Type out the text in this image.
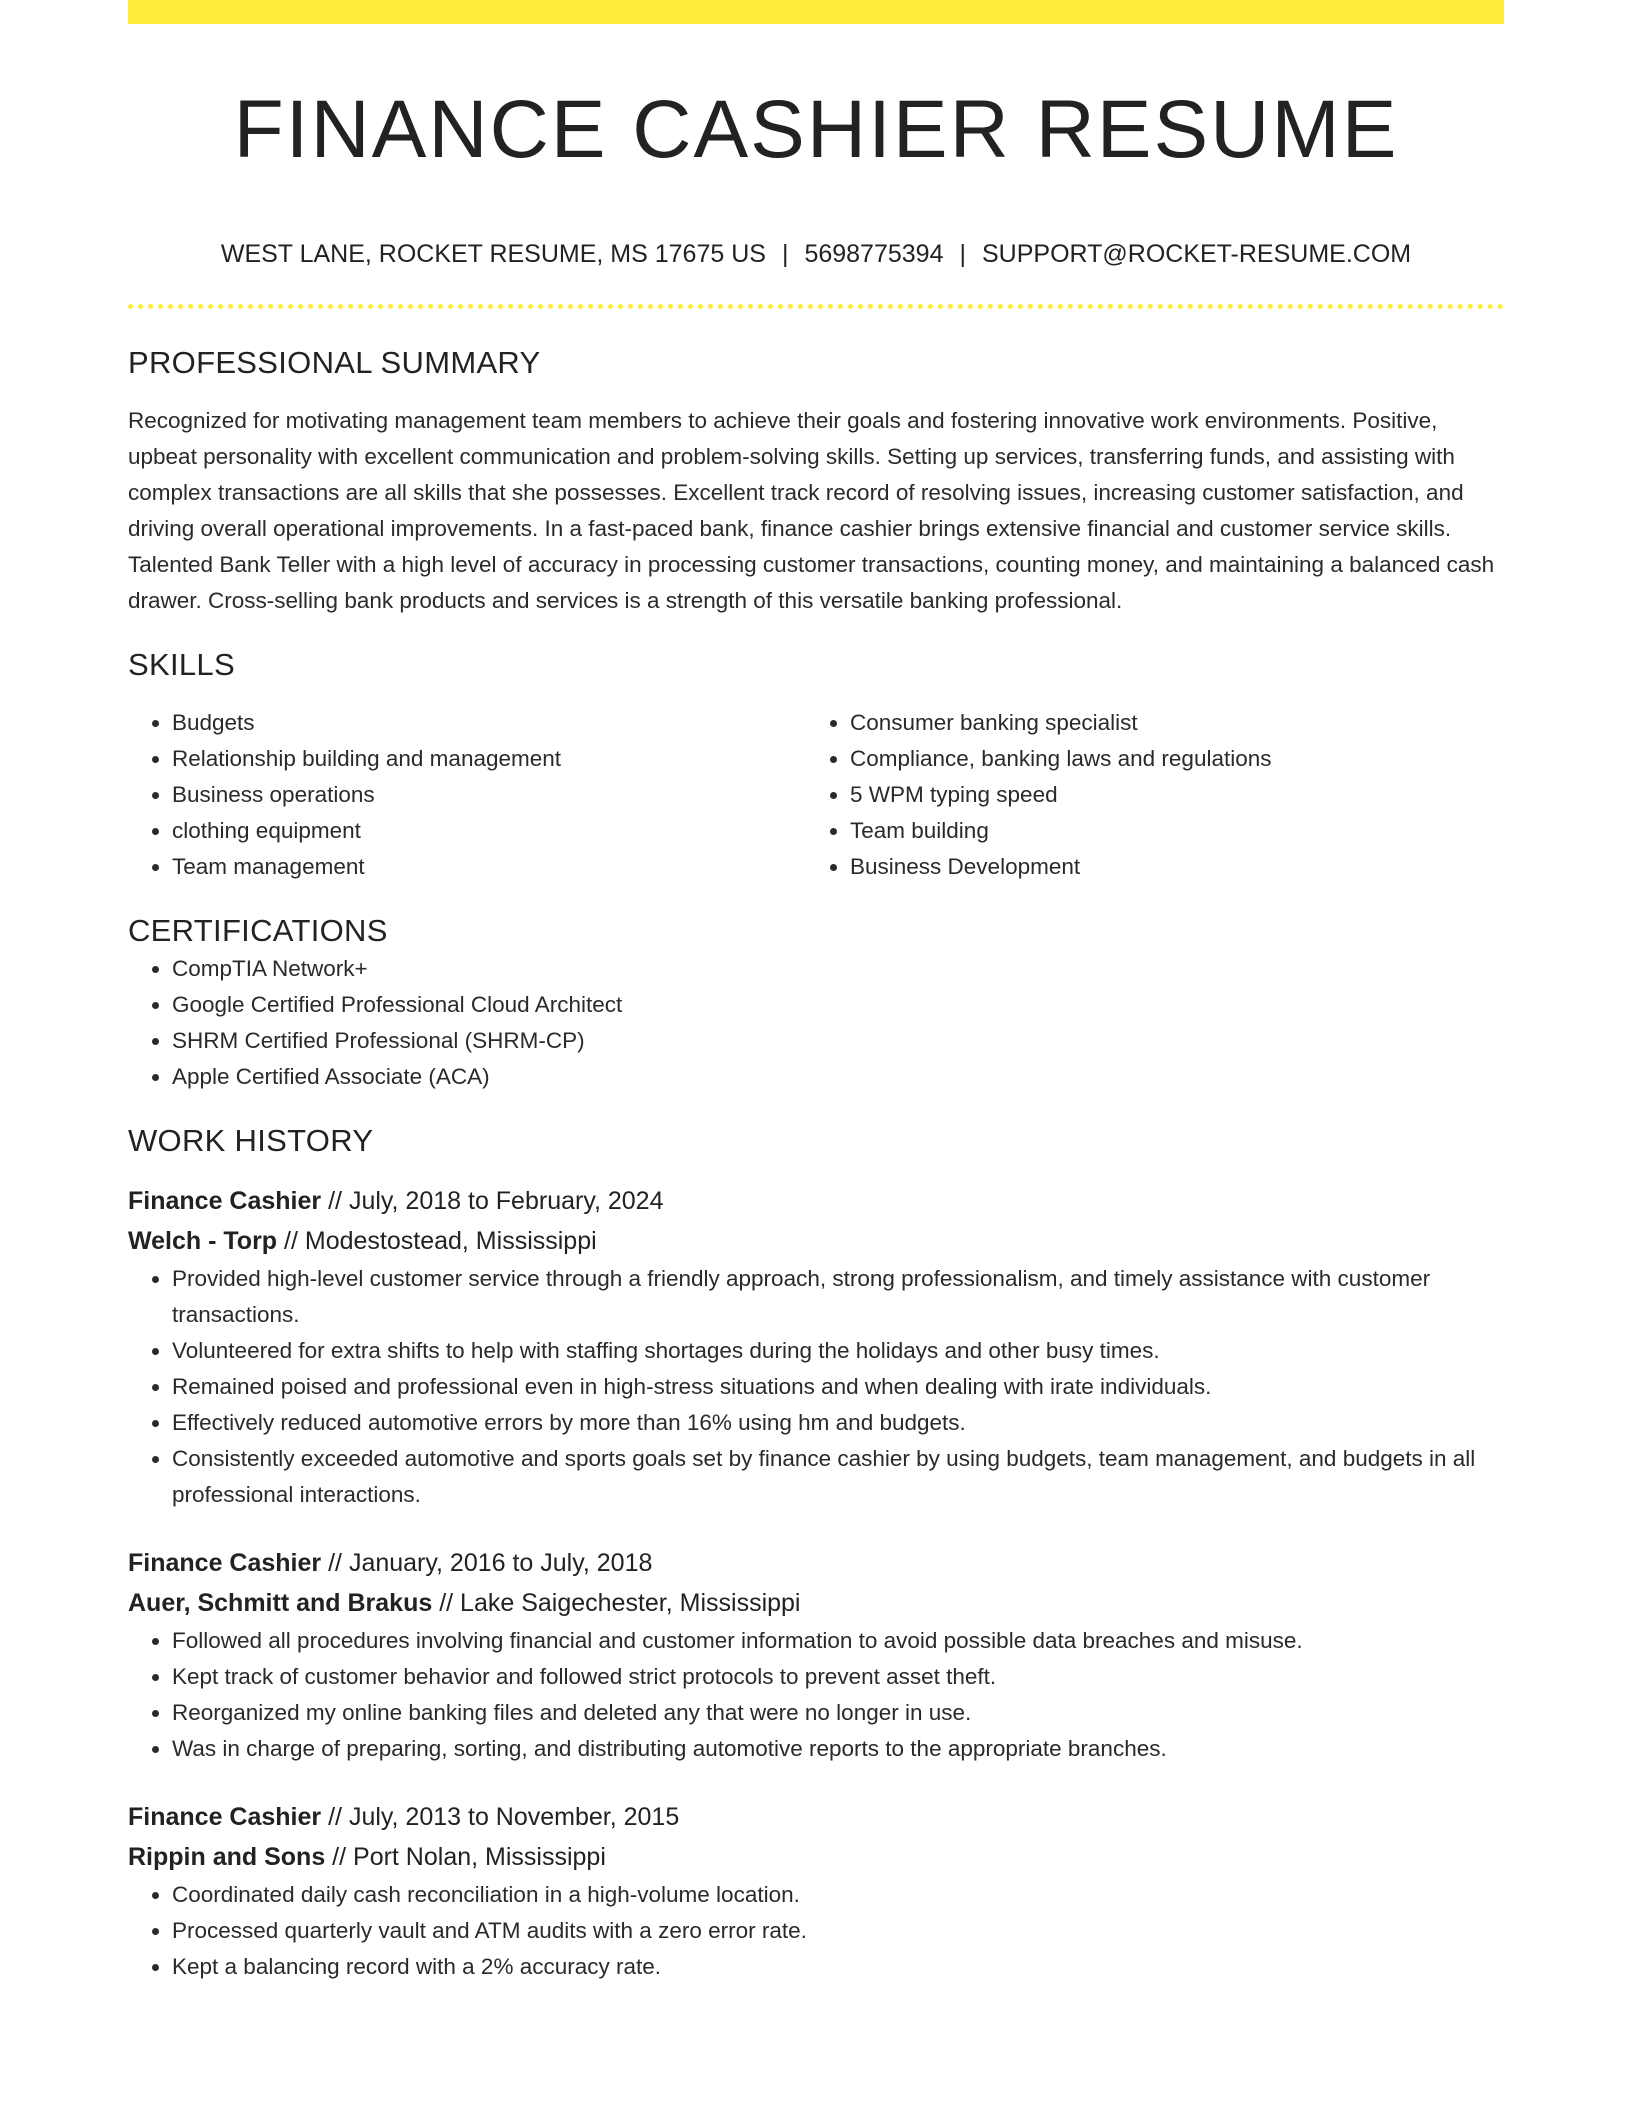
FINANCE CASHIER RESUME
WEST LANE, ROCKET RESUME, MS 17675 US | 5698775394 | SUPPORT@ROCKET-RESUME.COM
PROFESSIONAL SUMMARY

Recognized for motivating management team members to achieve their goals and fostering innovative work environments. Positive, upbeat personality with excellent communication and problem-solving skills. Setting up services, transferring funds, and assisting with complex transactions are all skills that she possesses. Excellent track record of resolving issues, increasing customer satisfaction, and driving overall operational improvements. In a fast-paced bank, finance cashier brings extensive financial and customer service skills. Talented Bank Teller with a high level of accuracy in processing customer transactions, counting money, and maintaining a balanced cash drawer. Cross-selling bank products and services is a strength of this versatile banking professional.

SKILLS
• Budgets
• Relationship building and management
• Business operations
• clothing equipment
• Team management
• Consumer banking specialist
• Compliance, banking laws and regulations
• 5 WPM typing speed
• Team building
• Business Development
CERTIFICATIONS
• CompTIA Network+
• Google Certified Professional Cloud Architect
• SHRM Certified Professional (SHRM-CP)
• Apple Certified Associate (ACA)
WORK HISTORY
Finance Cashier // July, 2018 to February, 2024
Welch - Torp // Modestostead, Mississippi
• Provided high-level customer service through a friendly approach, strong professionalism, and timely assistance with customer transactions.
• Volunteered for extra shifts to help with staffing shortages during the holidays and other busy times.
• Remained poised and professional even in high-stress situations and when dealing with irate individuals.
• Effectively reduced automotive errors by more than 16% using hm and budgets.
• Consistently exceeded automotive and sports goals set by finance cashier by using budgets, team management, and budgets in all professional interactions.
Finance Cashier // January, 2016 to July, 2018
Auer, Schmitt and Brakus // Lake Saigechester, Mississippi
• Followed all procedures involving financial and customer information to avoid possible data breaches and misuse.
• Kept track of customer behavior and followed strict protocols to prevent asset theft.
• Reorganized my online banking files and deleted any that were no longer in use.
• Was in charge of preparing, sorting, and distributing automotive reports to the appropriate branches.
Finance Cashier // July, 2013 to November, 2015
Rippin and Sons // Port Nolan, Mississippi
• Coordinated daily cash reconciliation in a high-volume location.
• Processed quarterly vault and ATM audits with a zero error rate.
• Kept a balancing record with a 2% accuracy rate.
